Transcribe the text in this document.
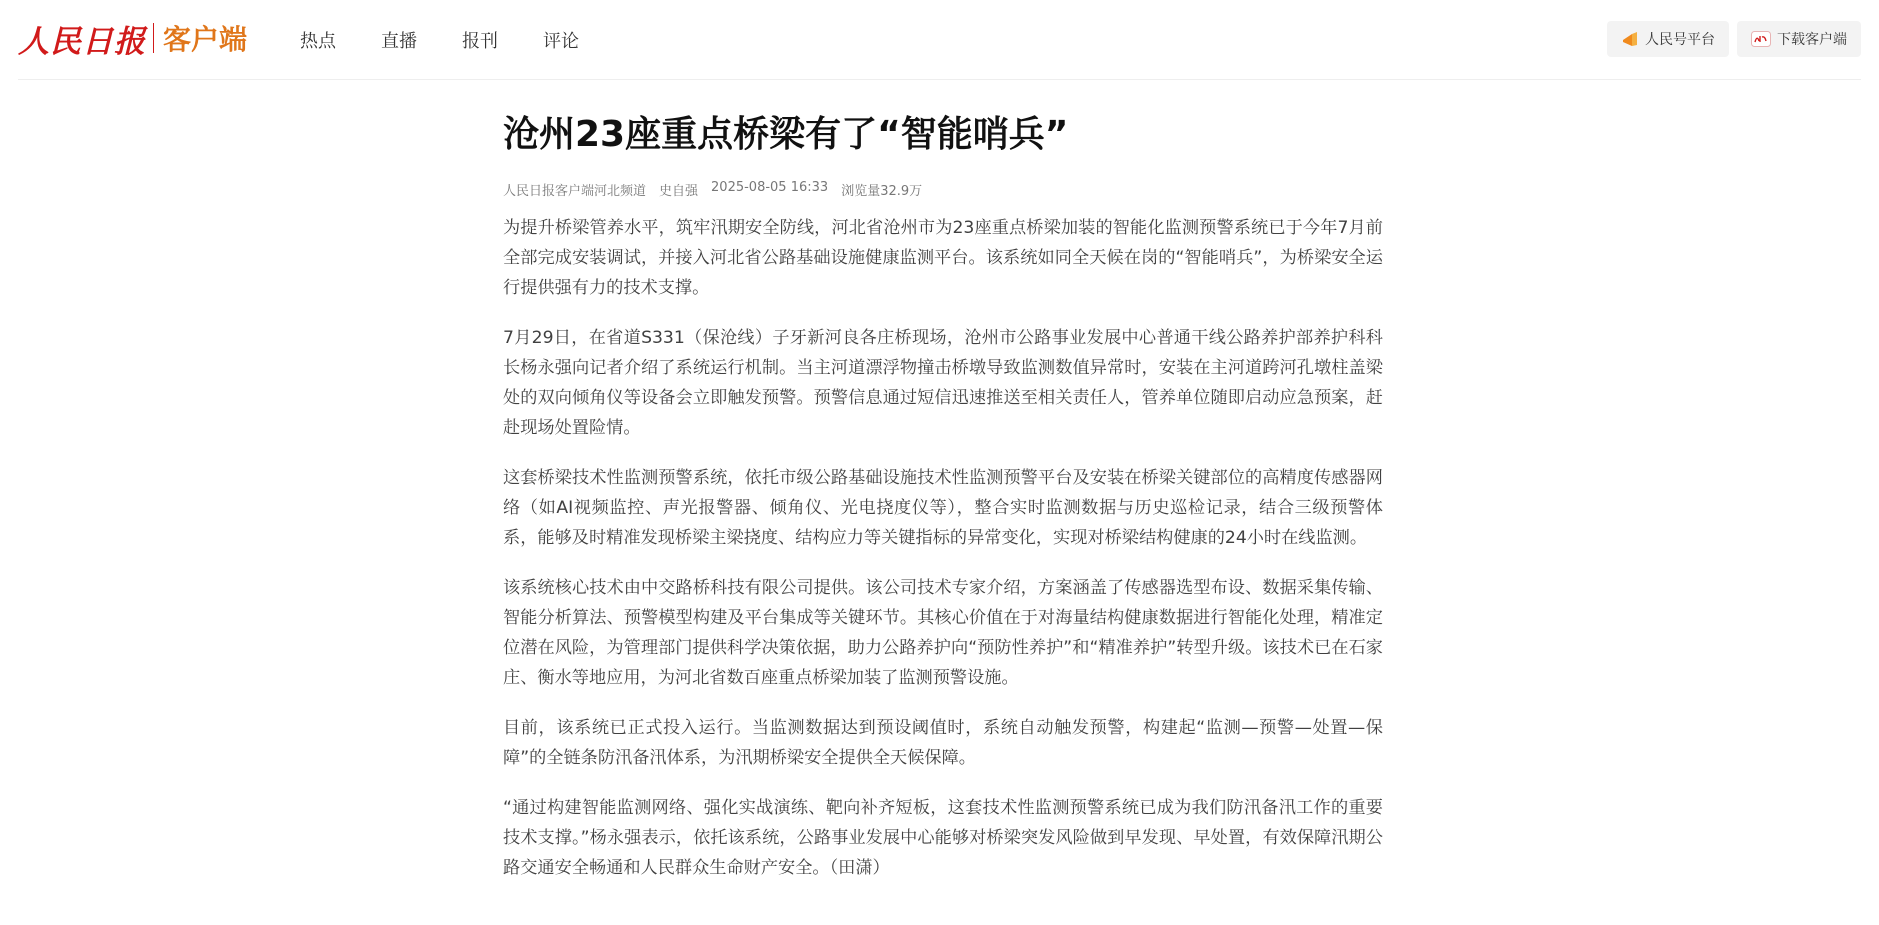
人民日报 客户端	热点	直播	报刊	评论	人民号平台	下载客户端
沧州23座重点桥梁有了“智能哨兵”
人民日报客户端河北频道 史自强 2025-08-05 16:33 浏览量32.9万

为提升桥梁管养水平，筑牢汛期安全防线，河北省沧州市为23座重点桥梁加装的智能化监测预警系统已于今年7月前全部完成安装调试，并接入河北省公路基础设施健康监测平台。该系统如同全天候在岗的“智能哨兵”，为桥梁安全运行提供强有力的技术支撑。

7月29日，在省道S331（保沧线）子牙新河良各庄桥现场，沧州市公路事业发展中心普通干线公路养护部养护科科长杨永强向记者介绍了系统运行机制。当主河道漂浮物撞击桥墩导致监测数值异常时，安装在主河道跨河孔墩柱盖梁处的双向倾角仪等设备会立即触发预警。预警信息通过短信迅速推送至相关责任人，管养单位随即启动应急预案，赶赴现场处置险情。

这套桥梁技术性监测预警系统，依托市级公路基础设施技术性监测预警平台及安装在桥梁关键部位的高精度传感器网络（如AI视频监控、声光报警器、倾角仪、光电挠度仪等），整合实时监测数据与历史巡检记录，结合三级预警体系，能够及时精准发现桥梁主梁挠度、结构应力等关键指标的异常变化，实现对桥梁结构健康的24小时在线监测。

该系统核心技术由中交路桥科技有限公司提供。该公司技术专家介绍，方案涵盖了传感器选型布设、数据采集传输、智能分析算法、预警模型构建及平台集成等关键环节。其核心价值在于对海量结构健康数据进行智能化处理，精准定位潜在风险，为管理部门提供科学决策依据，助力公路养护向“预防性养护”和“精准养护”转型升级。该技术已在石家庄、衡水等地应用，为河北省数百座重点桥梁加装了监测预警设施。

目前，该系统已正式投入运行。当监测数据达到预设阈值时，系统自动触发预警，构建起“监测—预警—处置—保障”的全链条防汛备汛体系，为汛期桥梁安全提供全天候保障。

“通过构建智能监测网络、强化实战演练、靶向补齐短板，这套技术性监测预警系统已成为我们防汛备汛工作的重要技术支撑。”杨永强表示，依托该系统，公路事业发展中心能够对桥梁突发风险做到早发现、早处置，有效保障汛期公路交通安全畅通和人民群众生命财产安全。（田潇）
